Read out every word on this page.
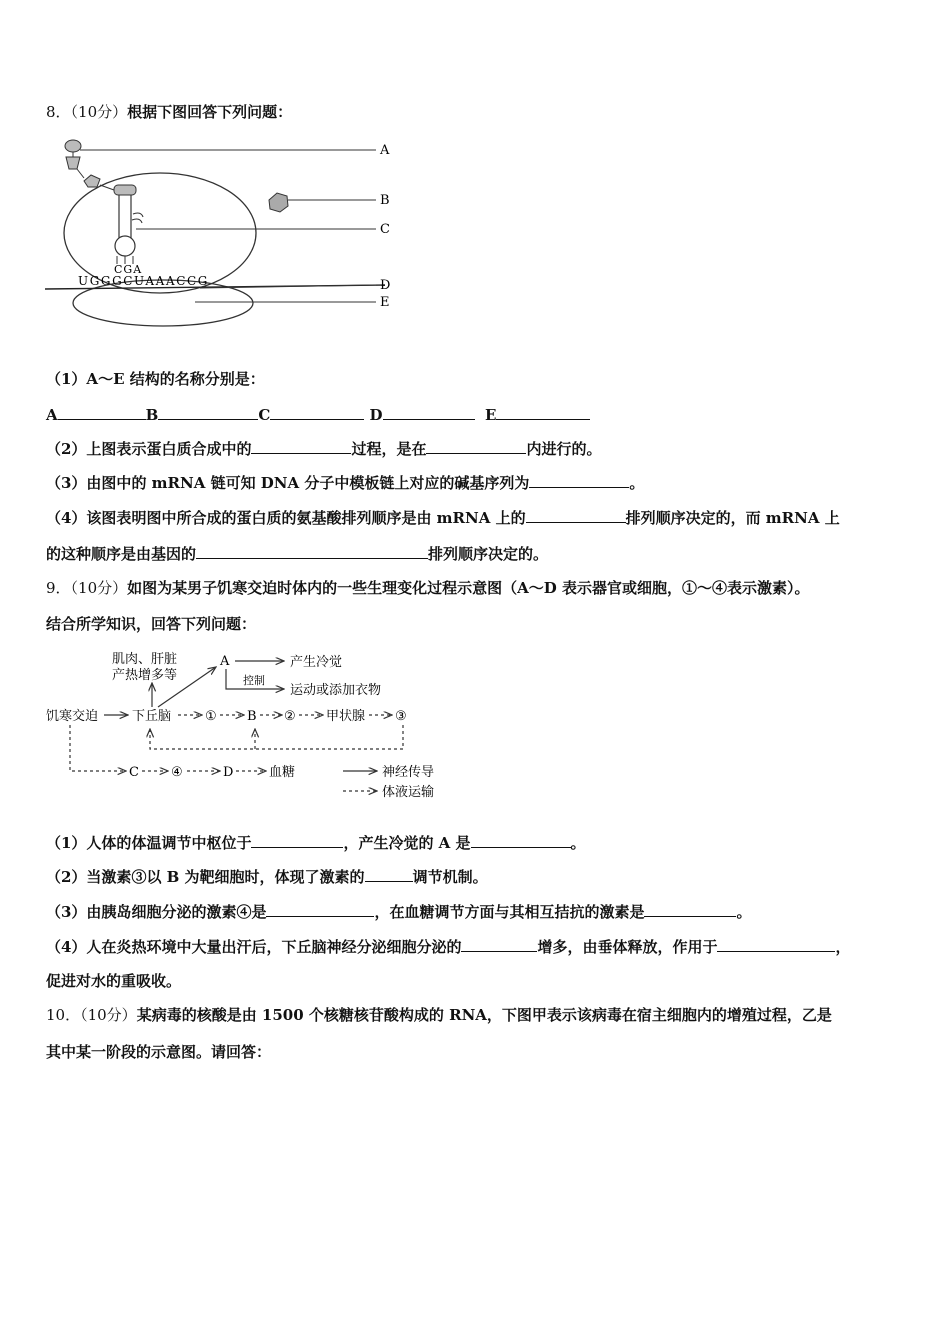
8．（10分）根据下图回答下列问题：
A
B
C
D
E
CGA
UGGGCUAAACCG
（1）A～E 结构的名称分别是：
A	B	C	D	E
（2）上图表示蛋白质合成中的	过程，是在	内进行的。
（3）由图中的 mRNA 链可知 DNA 分子中模板链上对应的碱基序列为	。
（4）该图表明图中所合成的蛋白质的氨基酸排列顺序是由 mRNA 上的	排列顺序决定的，而 mRNA 上
的这种顺序是由基因的	排列顺序决定的。
9．（10分）如图为某男子饥寒交迫时体内的一些生理变化过程示意图（A～D 表示器官或细胞，①～④表示激素）。
结合所学知识，回答下列问题：
肌肉、肝脏
产热增多等
A	产生冷觉
控制
运动或添加衣物
饥寒交迫	下丘脑	① B ② 甲状腺 ③
C ④	D	血糖	神经传导
体液运输
（1）人体的体温调节中枢位于	，产生冷觉的 A 是	。
（2）当激素③以 B 为靶细胞时，体现了激素的	调节机制。
（3）由胰岛细胞分泌的激素④是	，在血糖调节方面与其相互拮抗的激素是	。
（4）人在炎热环境中大量出汗后，下丘脑神经分泌细胞分泌的	增多，由垂体释放，作用于	，
促进对水的重吸收。
10．（10分）某病毒的核酸是由 1500 个核糖核苷酸构成的 RNA，下图甲表示该病毒在宿主细胞内的增殖过程，乙是
其中某一阶段的示意图。请回答：
